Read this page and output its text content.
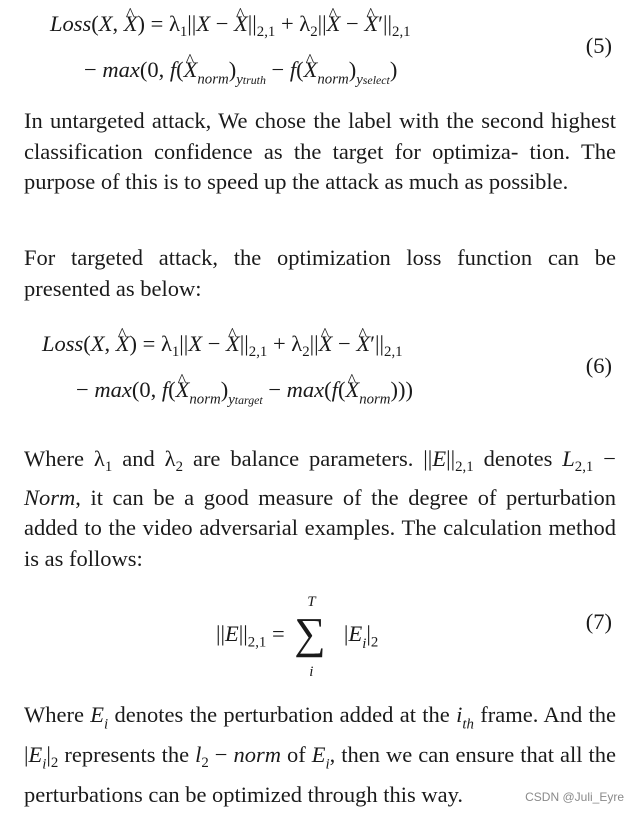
Loss(X, ^ $X) = \lambda_1||X$ − ^ $X||_{2,1}$ + $\lambda_2||\^{}$ X − ^ $X'||_{2,1}$
(5)
− max(0, f(^ $X_{norm})_{ytruth}$ − f(^ $X_{norm})_{yselect}$)

In untargeted attack, We chose the label with the second highest classification confidence as the target for optimiza- tion. The purpose of this is to speed up the attack as much as possible.

For targeted attack, the optimization loss function can be presented as below:

Loss(X, ^ $X) = \lambda_1||X$ − ^ $X||_{2,1}$ + $\lambda_2||\^{}$ X − ^ $X'||_{2,1}$
(6)
− max(0, f(^ $X_{norm})_{ytarget}$ − max(f(^ $X_{norm}$)))

Where $\lambda_1$ and $\lambda_2$ are balance parameters. $||E||_{2,1}$ denotes $L_{2,1}$ − Norm, it can be a good measure of the degree of perturbation added to the video adversarial examples. The calculation method is as follows:

$||E||_{2,1}$ =
T
∑
i
$|E_i|_2$
(7)

Where $E_i$ denotes the perturbation added at the $i_{th}$ frame. And the $|E_i|_2$ represents the $l_2$ − norm of $E_i$, then we can ensure that all the perturbations can be optimized through this way.	CSDN @Juli_Eyre
